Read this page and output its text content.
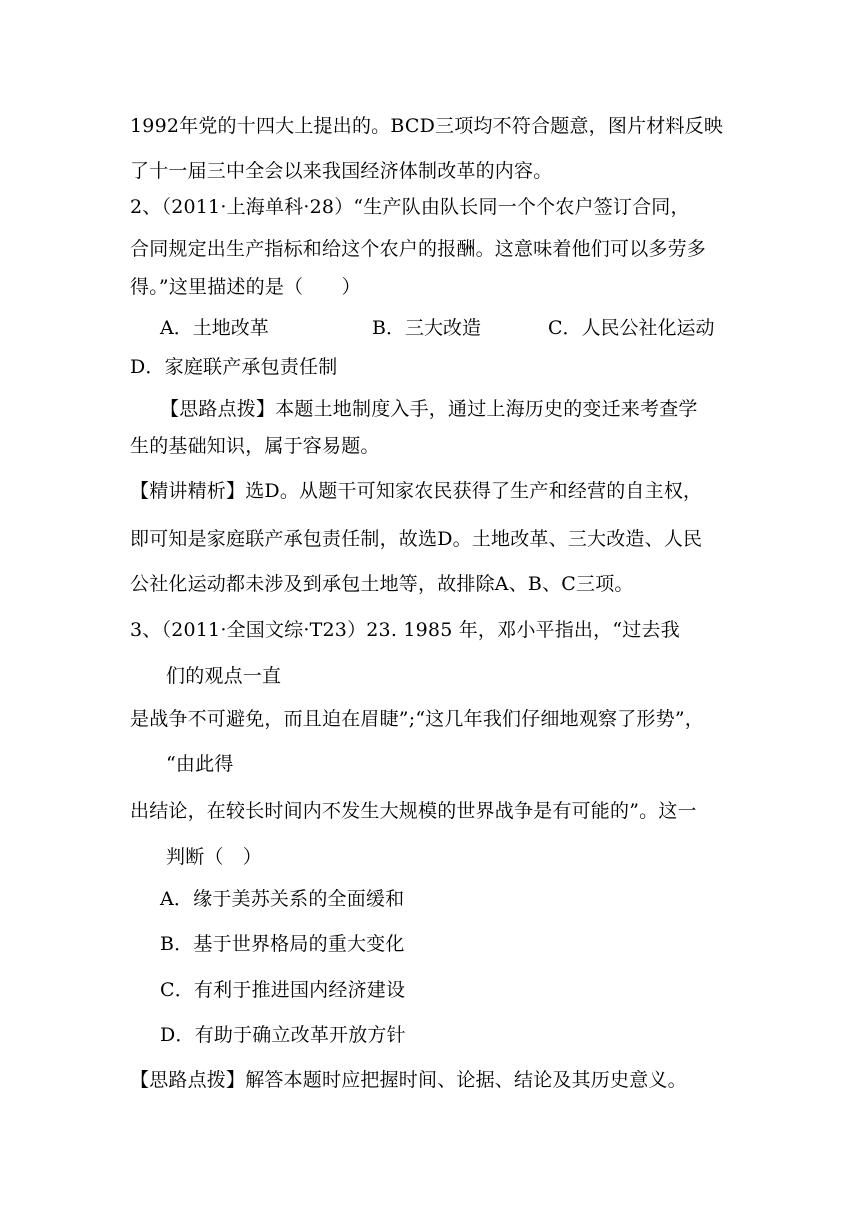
1992年党的十四大上提出的。BCD三项均不符合题意，图片材料反映
了十一届三中全会以来我国经济体制改革的内容。
2、（2011·上海单科·28）“生产队由队长同一个个农户签订合同，
合同规定出生产指标和给这个农户的报酬。这意味着他们可以多劳多
得。”这里描述的是（　　）
A．土地改革	B．三大改造	C．人民公社化运动
D．家庭联产承包责任制
【思路点拨】本题土地制度入手，通过上海历史的变迁来考查学
生的基础知识，属于容易题。
【精讲精析】选D。从题干可知家农民获得了生产和经营的自主权，
即可知是家庭联产承包责任制，故选D。土地改革、三大改造、人民
公社化运动都未涉及到承包土地等，故排除A、B、C三项。
3、（2011·全国文综·T23）23. 1985 年，邓小平指出，“过去我
们的观点一直
是战争不可避免，而且迫在眉睫”;“这几年我们仔细地观察了形势”，
“由此得
出结论，在较长时间内不发生大规模的世界战争是有可能的”。这一
判断（　）
A．缘于美苏关系的全面缓和
B．基于世界格局的重大变化
C．有利于推进国内经济建设
D．有助于确立改革开放方针
【思路点拨】解答本题时应把握时间、论据、结论及其历史意义。
